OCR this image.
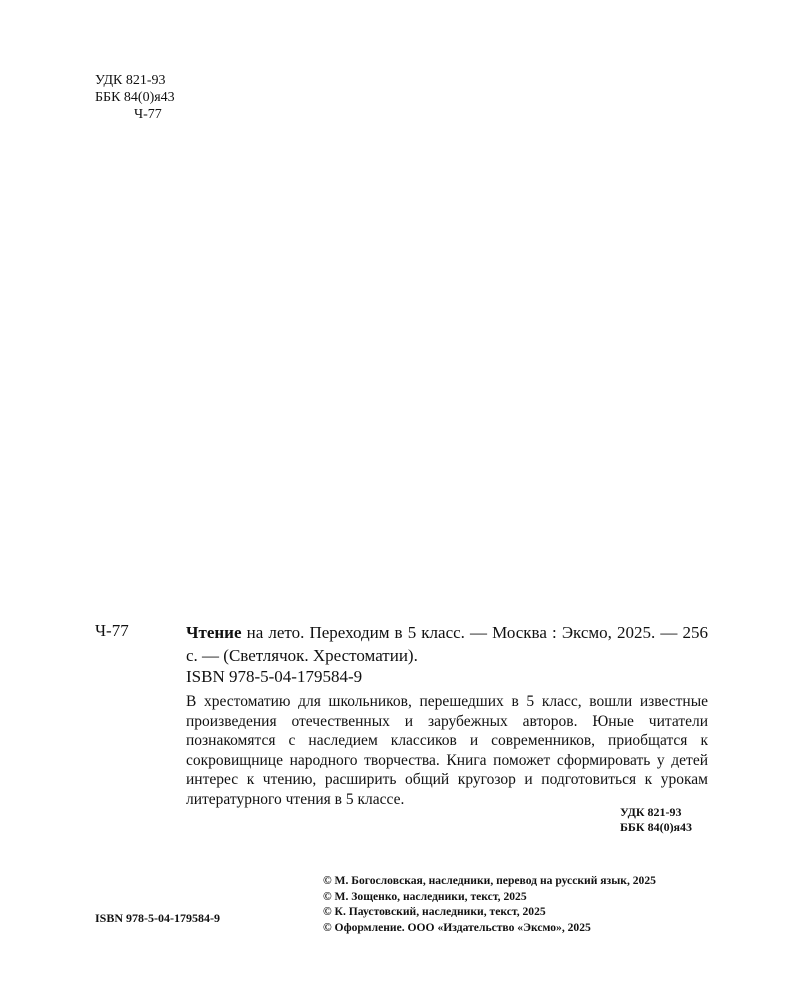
УДК 821-93
ББК 84(0)я43
Ч-77
Ч-77	Чтение на лето. Переходим в 5 класс. — Москва : Эксмо, 2025. — 256 с. — (Светлячок. Хрестоматии).
ISBN 978-5-04-179584-9

В хрестоматию для школьников, перешедших в 5 класс, вошли известные произведения отечественных и зарубежных авторов. Юные читатели познакомятся с наследием классиков и современников, приобщатся к сокровищнице народного творчества. Книга поможет сформировать у детей интерес к чтению, расширить общий кругозор и подготовиться к урокам литературного чтения в 5 классе.

УДК 821-93
ББК 84(0)я43
© М. Богословская, наследники, перевод на русский язык, 2025
© М. Зощенко, наследники, текст, 2025
© К. Паустовский, наследники, текст, 2025
© Оформление. ООО «Издательство «Эксмо», 2025
ISBN 978-5-04-179584-9
